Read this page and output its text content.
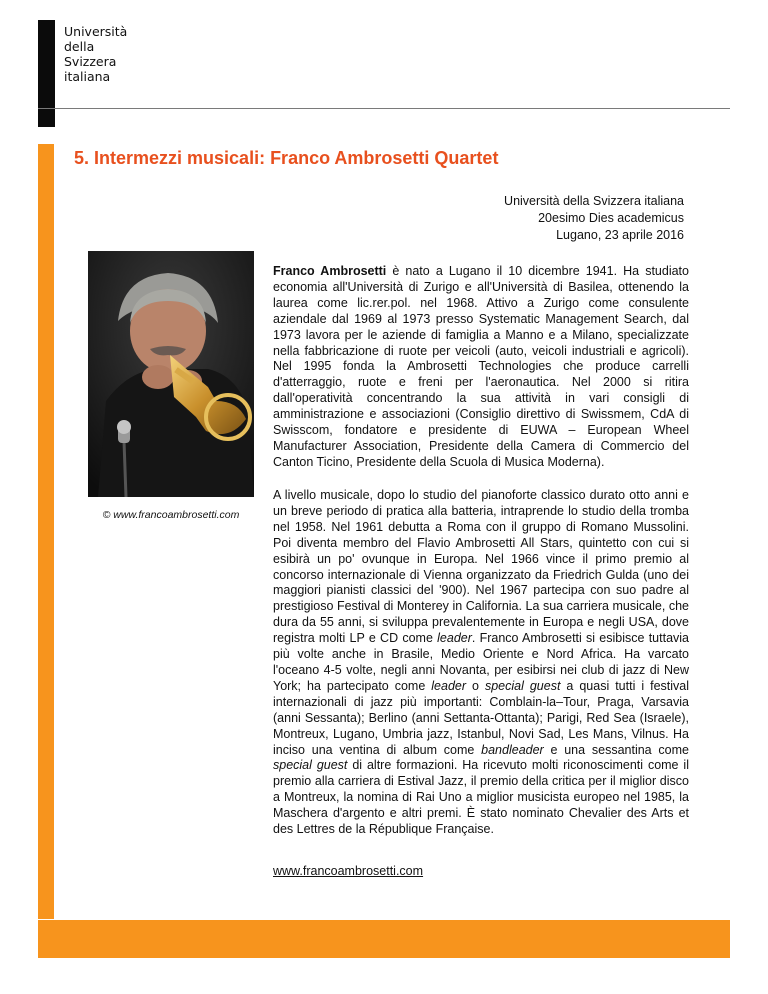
Università
della
Svizzera
italiana
5. Intermezzi musicali: Franco Ambrosetti Quartet
Università della Svizzera italiana
20esimo Dies academicus
Lugano, 23 aprile 2016
© www.francoambrosetti.com

Franco Ambrosetti è nato a Lugano il 10 dicembre 1941. Ha studiato economia all'Università di Zurigo e all'Università di Basilea, ottenendo la laurea come lic.rer.pol. nel 1968. Attivo a Zurigo come consulente aziendale dal 1969 al 1973 presso Systematic Management Search, dal 1973 lavora per le aziende di famiglia a Manno e a Milano, specializzate nella fabbricazione di ruote per veicoli (auto, veicoli industriali e agricoli). Nel 1995 fonda la Ambrosetti Technologies che produce carrelli d'atterraggio, ruote e freni per l'aeronautica. Nel 2000 si ritira dall'operatività concentrando la sua attività in vari consigli di amministrazione e associazioni (Consiglio direttivo di Swissmem, CdA di Swisscom, fondatore e presidente di EUWA – European Wheel Manufacturer Association, Presidente della Camera di Commercio del Canton Ticino, Presidente della Scuola di Musica Moderna).

A livello musicale, dopo lo studio del pianoforte classico durato otto anni e un breve periodo di pratica alla batteria, intraprende lo studio della tromba nel 1958. Nel 1961 debutta a Roma con il gruppo di Romano Mussolini. Poi diventa membro del Flavio Ambrosetti All Stars, quintetto con cui si esibirà un po' ovunque in Europa. Nel 1966 vince il primo premio al concorso internazionale di Vienna organizzato da Friedrich Gulda (uno dei maggiori pianisti classici del '900). Nel 1967 partecipa con suo padre al prestigioso Festival di Monterey in California. La sua carriera musicale, che dura da 55 anni, si sviluppa prevalentemente in Europa e negli USA, dove registra molti LP e CD come leader. Franco Ambrosetti si esibisce tuttavia più volte anche in Brasile, Medio Oriente e Nord Africa. Ha varcato l'oceano 4-5 volte, negli anni Novanta, per esibirsi nei club di jazz di New York; ha partecipato come leader o special guest a quasi tutti i festival internazionali di jazz più importanti: Comblain-la–Tour, Praga, Varsavia (anni Sessanta); Berlino (anni Settanta-Ottanta); Parigi, Red Sea (Israele), Montreux, Lugano, Umbria jazz, Istanbul, Novi Sad, Les Mans, Vilnus. Ha inciso una ventina di album come bandleader e una sessantina come special guest di altre formazioni. Ha ricevuto molti riconoscimenti come il premio alla carriera di Estival Jazz, il premio della critica per il miglior disco a Montreux, la nomina di Rai Uno a miglior musicista europeo nel 1985, la Maschera d'argento e altri premi. È stato nominato Chevalier des Arts et des Lettres de la République Française.

www.francoambrosetti.com
